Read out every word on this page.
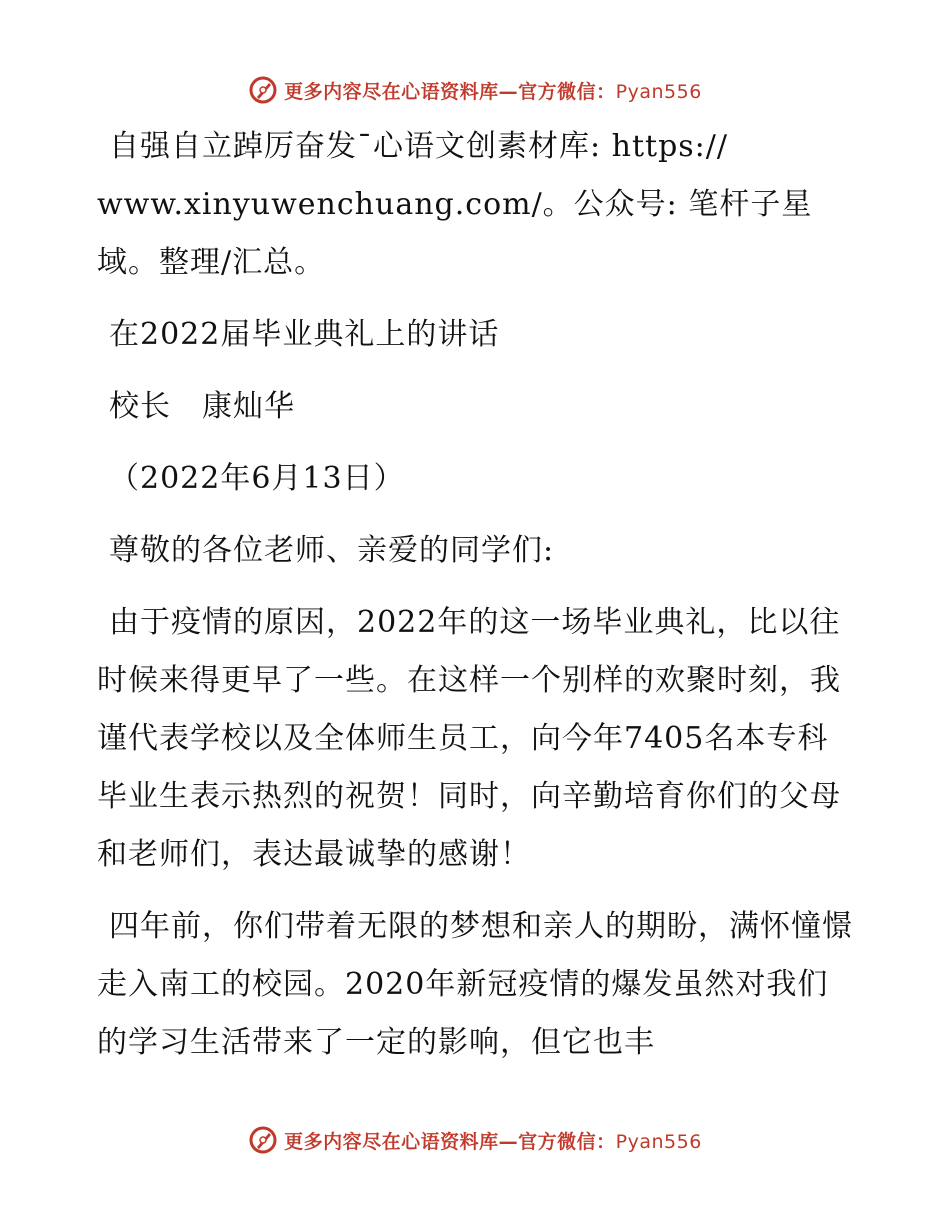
更多内容尽在心语资料库—官方微信：Pyan556
自强自立踔厉奋发¯心语文创素材库: https://
www.xinyuwenchuang.com/。公众号: 笔杆子星
域。整理/汇总。
在2022届毕业典礼上的讲话
校长　康灿华
（2022年6月13日）
尊敬的各位老师、亲爱的同学们:
由于疫情的原因，2022年的这一场毕业典礼，比以往时候来得更早了一些。在这样一个别样的欢聚时刻，我谨代表学校以及全体师生员工，向今年7405名本专科毕业生表示热烈的祝贺！同时，向辛勤培育你们的父母和老师们，表达最诚挚的感谢！
四年前，你们带着无限的梦想和亲人的期盼，满怀憧憬走入南工的校园。2020年新冠疫情的爆发虽然对我们的学习生活带来了一定的影响，但它也丰
更多内容尽在心语资料库—官方微信：Pyan556
